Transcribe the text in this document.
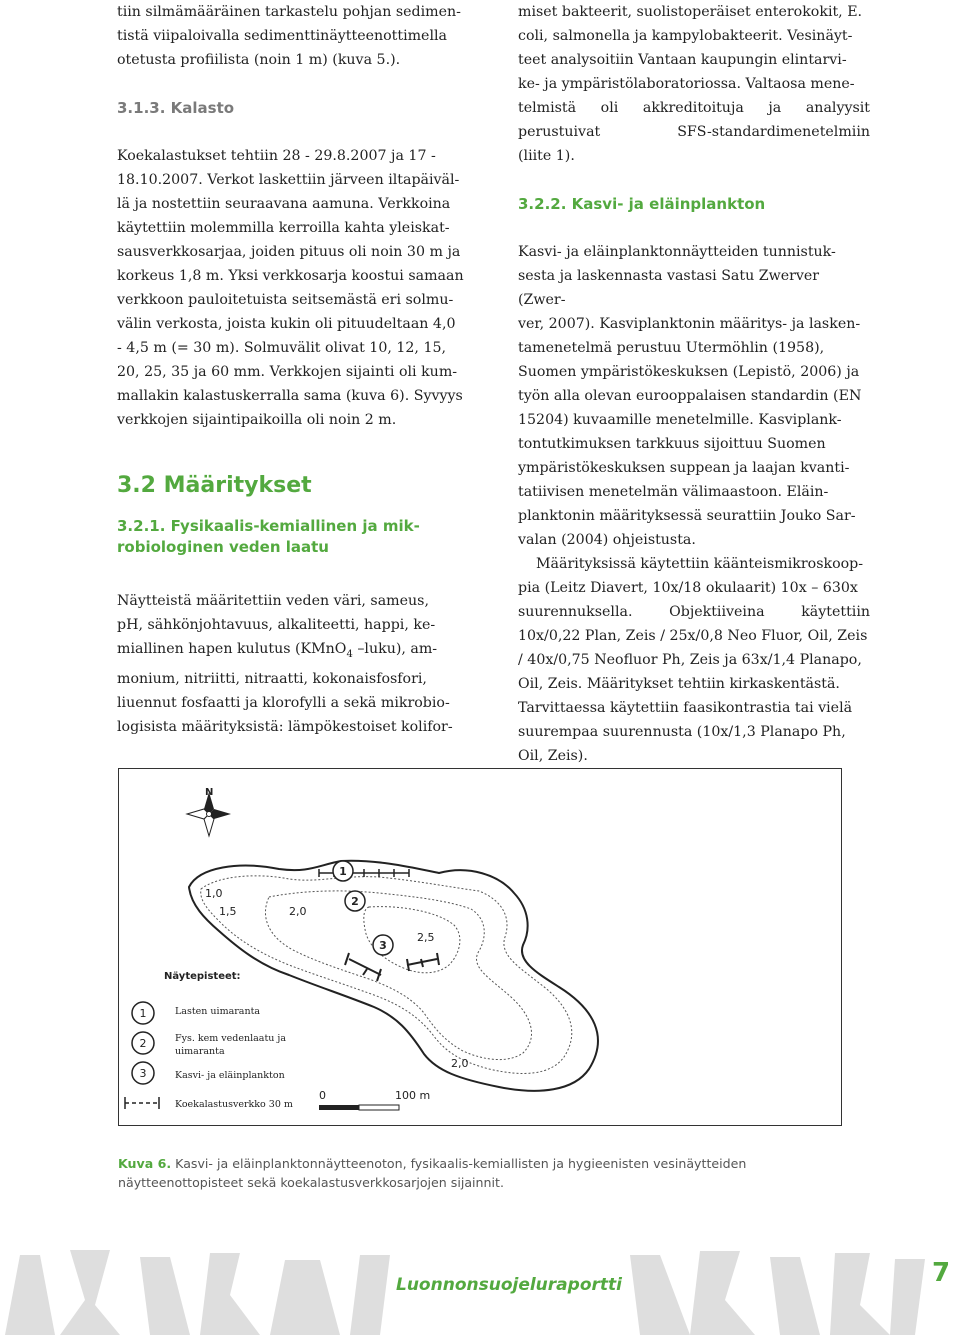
tiin silmämääräinen tarkastelu pohjan sedimen-

tistä viipaloivalla sedimenttinäytteenottimella

otetusta profiilista (noin 1 m) (kuva 5.).

3.1.3. Kalasto

Koekalastukset tehtiin 28 - 29.8.2007 ja 17 -

18.10.2007. Verkot laskettiin järveen iltapäiväl-

lä ja nostettiin seuraavana aamuna. Verkkoina

käytettiin molemmilla kerroilla kahta yleiskat-

sausverkkosarjaa, joiden pituus oli noin 30 m ja

korkeus 1,8 m. Yksi verkkosarja koostui samaan

verkkoon pauloitetuista seitsemästä eri solmu-

välin verkosta, joista kukin oli pituudeltaan 4,0

- 4,5 m (= 30 m). Solmuvälit olivat 10, 12, 15,

20, 25, 35 ja 60 mm. Verkkojen sijainti oli kum-

mallakin kalastuskerralla sama (kuva 6). Syvyys

verkkojen sijaintipaikoilla oli noin 2 m.

3.2 Määritykset

3.2.1. Fysikaalis-kemiallinen ja mik-
robiologinen veden laatu

Näytteistä määritettiin veden väri, sameus,

pH, sähkönjohtavuus, alkaliteetti, happi, ke-

miallinen hapen kulutus (KMnO$_4$ –luku), am-

monium, nitriitti, nitraatti, kokonaisfosfori,

liuennut fosfaatti ja klorofylli a sekä mikrobio-

logisista määrityksistä: lämpökestoiset kolifor-

miset bakteerit, suolistoperäiset enterokokit, E.

coli, salmonella ja kampylobakteerit. Vesinäyt-

teet analysoitiin Vantaan kaupungin elintarvi-

ke- ja ympäristölaboratoriossa. Valtaosa mene-

telmistä oli akkreditoituja ja analyysit

perustuivat SFS-standardimenetelmiin

(liite 1).

3.2.2. Kasvi- ja eläinplankton

Kasvi- ja eläinplanktonnäytteiden tunnistuk-

sesta ja laskennasta vastasi Satu Zwerver (Zwer-

ver, 2007). Kasviplanktonin määritys- ja lasken-

tamenetelmä perustuu Utermöhlin (1958),

Suomen ympäristökeskuksen (Lepistö, 2006) ja

työn alla olevan eurooppalaisen standardin (EN

15204) kuvaamille menetelmille. Kasviplank-

tontutkimuksen tarkkuus sijoittuu Suomen

ympäristökeskuksen suppean ja laajan kvanti-

tatiivisen menetelmän välimaastoon. Eläin-

planktonin määrityksessä seurattiin Jouko Sar-

valan (2004) ohjeistusta.

Määrityksissä käytettiin käänteismikroskoop-

pia (Leitz Diavert, 10x/18 okulaarit) 10x – 630x

suurennuksella. Objektiiveina käytettiin

10x/0,22 Plan, Zeis / 25x/0,8 Neo Fluor, Oil, Zeis

/ 40x/0,75 Neofluor Ph, Zeis ja 63x/1,4 Planapo,

Oil, Zeis. Määritykset tehtiin kirkaskentästä.

Tarvittaessa käytettiin faasikontrastia tai vielä

suurempaa suurennusta (10x/1,3 Planapo Ph,

Oil, Zeis).

N
1
2
3
1,0
1,5	2,0
2,5
2,0
Näytepisteet:
1	Lasten uimaranta
2	Fys. kem vedenlaatu ja
uimaranta
3	Kasvi- ja eläinplankton
Koekalastusverkko 30 m
0	100 m
Kuva 6. Kasvi- ja eläinplanktonnäytteenoton, fysikaalis-kemiallisten ja hygieenisten vesinäytteiden
näytteenottopisteet sekä koekalastusverkkosarjojen sijainnit.
Luonnonsuojeluraportti	7
